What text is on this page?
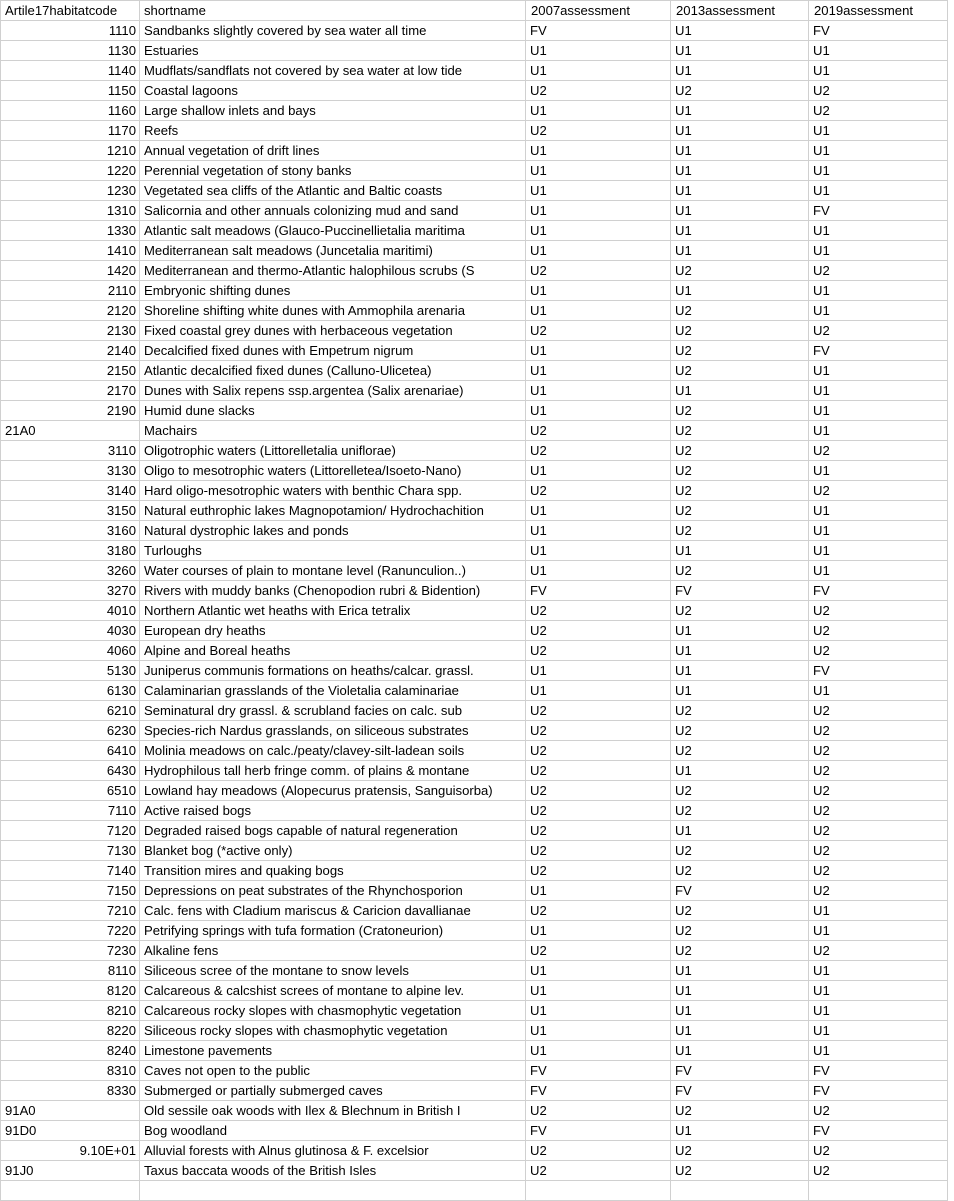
Artile17habitatcode	shortname	2007assessment	2013assessment	2019assessment
1110	Sandbanks slightly covered by sea water all time	FV	U1	FV
1130	Estuaries	U1	U1	U1
1140	Mudflats/sandflats not covered by sea water at low tide	U1	U1	U1
1150	Coastal lagoons	U2	U2	U2
1160	Large shallow inlets and bays	U1	U1	U2
1170	Reefs	U2	U1	U1
1210	Annual vegetation of drift lines	U1	U1	U1
1220	Perennial vegetation of stony banks	U1	U1	U1
1230	Vegetated sea cliffs of the Atlantic and Baltic coasts	U1	U1	U1
1310	Salicornia and other annuals colonizing mud and sand	U1	U1	FV
1330	Atlantic salt meadows (Glauco-Puccinellietalia maritima	U1	U1	U1
1410	Mediterranean salt meadows (Juncetalia maritimi)	U1	U1	U1
1420	Mediterranean and thermo-Atlantic halophilous scrubs (S	U2	U2	U2
2110	Embryonic shifting dunes	U1	U1	U1
2120	Shoreline shifting white dunes with Ammophila arenaria	U1	U2	U1
2130	Fixed coastal grey dunes with herbaceous vegetation	U2	U2	U2
2140	Decalcified fixed dunes with Empetrum nigrum	U1	U2	FV
2150	Atlantic decalcified fixed dunes (Calluno-Ulicetea)	U1	U2	U1
2170	Dunes with Salix repens ssp.argentea (Salix arenariae)	U1	U1	U1
2190	Humid dune slacks	U1	U2	U1
21A0	Machairs	U2	U2	U1
3110	Oligotrophic waters (Littorelletalia uniflorae)	U2	U2	U2
3130	Oligo to mesotrophic waters (Littorelletea/Isoeto-Nano)	U1	U2	U1
3140	Hard oligo-mesotrophic waters with benthic Chara spp.	U2	U2	U2
3150	Natural euthrophic lakes Magnopotamion/ Hydrochachition	U1	U2	U1
3160	Natural dystrophic lakes and ponds	U1	U2	U1
3180	Turloughs	U1	U1	U1
3260	Water courses of plain to montane level (Ranunculion..)	U1	U2	U1
3270	Rivers with muddy banks (Chenopodion rubri & Bidention)	FV	FV	FV
4010	Northern Atlantic wet heaths with Erica tetralix	U2	U2	U2
4030	European dry heaths	U2	U1	U2
4060	Alpine and Boreal heaths	U2	U1	U2
5130	Juniperus communis formations on heaths/calcar. grassl.	U1	U1	FV
6130	Calaminarian grasslands of the Violetalia calaminariae	U1	U1	U1
6210	Seminatural dry grassl. & scrubland facies on calc. sub	U2	U2	U2
6230	Species-rich Nardus grasslands, on siliceous substrates	U2	U2	U2
6410	Molinia meadows on calc./peaty/clavey-silt-ladean soils	U2	U2	U2
6430	Hydrophilous tall herb fringe comm. of plains & montane	U2	U1	U2
6510	Lowland hay meadows (Alopecurus pratensis, Sanguisorba)	U2	U2	U2
7110	Active raised bogs	U2	U2	U2
7120	Degraded raised bogs capable of natural regeneration	U2	U1	U2
7130	Blanket bog (*active only)	U2	U2	U2
7140	Transition mires and quaking bogs	U2	U2	U2
7150	Depressions on peat substrates of the Rhynchosporion	U1	FV	U2
7210	Calc. fens with Cladium mariscus & Caricion davallianae	U2	U2	U1
7220	Petrifying springs with tufa formation (Cratoneurion)	U1	U2	U1
7230	Alkaline fens	U2	U2	U2
8110	Siliceous scree of the montane to snow levels	U1	U1	U1
8120	Calcareous & calcshist screes of montane to alpine lev.	U1	U1	U1
8210	Calcareous rocky slopes with chasmophytic vegetation	U1	U1	U1
8220	Siliceous rocky slopes with chasmophytic vegetation	U1	U1	U1
8240	Limestone pavements	U1	U1	U1
8310	Caves not open to the public	FV	FV	FV
8330	Submerged or partially submerged caves	FV	FV	FV
91A0	Old sessile oak woods with Ilex & Blechnum in British I	U2	U2	U2
91D0	Bog woodland	FV	U1	FV
9.10E+01	Alluvial forests with Alnus glutinosa & F. excelsior	U2	U2	U2
91J0	Taxus baccata woods of the British Isles	U2	U2	U2
